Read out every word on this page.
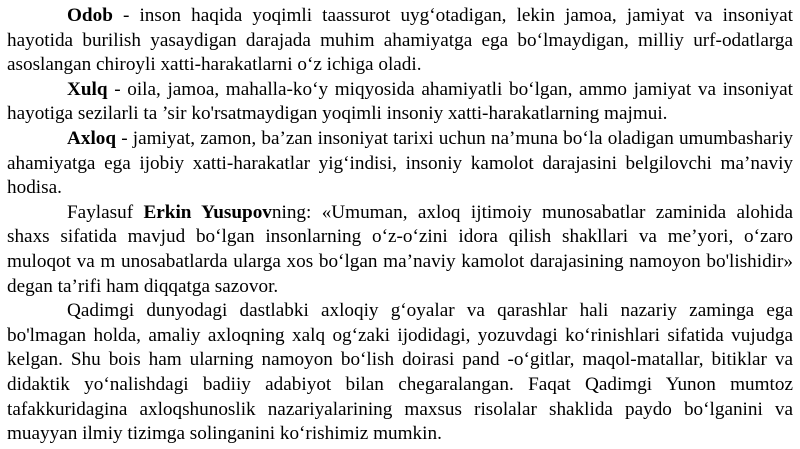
Odob - inson haqida yoqimli taassurot uyg‘otadigan, lekin jamoa, jamiyat va insoniyat hayotida burilish yasaydigan darajada muhim ahamiyatga ega bo‘lmaydigan, milliy urf-odatlarga asoslangan chiroyli xatti-harakatlarni o‘z ichiga oladi.

Xulq - oila, jamoa, mahalla-ko‘y miqyosida ahamiyatli bo‘lgan, ammo jamiyat va insoniyat hayotiga sezilarli ta ’sir ko'rsatmaydigan yoqimli insoniy xatti-harakatlarning majmui.

Axloq - jamiyat, zamon, ba’zan insoniyat tarixi uchun na’muna bo‘la oladigan umumbashariy ahamiyatga ega ijobiy xatti-harakatlar yig‘indisi, insoniy kamolot darajasini belgilovchi ma’naviy hodisa.

Faylasuf Erkin Yusupovning: «Umuman, axloq ijtimoiy munosabatlar zaminida alohida shaxs sifatida mavjud bo‘lgan insonlarning o‘z-o‘zini idora qilish shakllari va me’yori, o‘zaro muloqot va m unosabatlarda ularga xos bo‘lgan ma’naviy kamolot darajasining namoyon bo'lishidir» degan ta’rifi ham diqqatga sazovor.

Qadimgi dunyodagi dastlabki axloqiy g‘oyalar va qarashlar hali nazariy zaminga ega bo'lmagan holda, amaliy axloqning xalq og‘zaki ijodidagi, yozuvdagi ko‘rinishlari sifatida vujudga kelgan. Shu bois ham ularning namoyon bo‘lish doirasi pand -o‘gitlar, maqol-matallar, bitiklar va didaktik yo‘nalishdagi badiiy adabiyot bilan chegaralangan. Faqat Qadimgi Yunon mumtoz tafakkuridagina axloqshunoslik nazariyalarining maxsus risolalar shaklida paydo bo‘lganini va muayyan ilmiy tizimga solinganini ko‘rishimiz mumkin.
